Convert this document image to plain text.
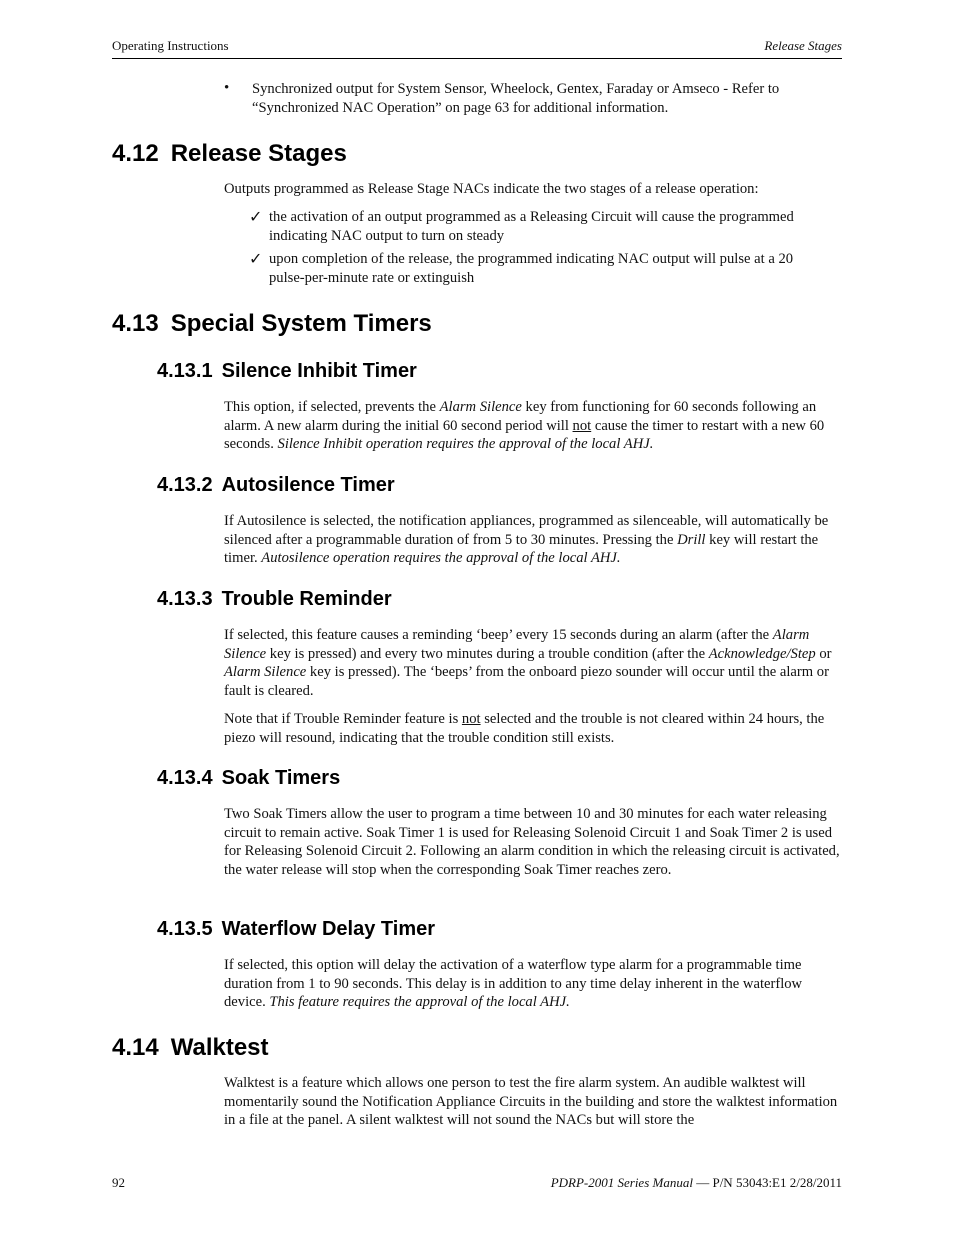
Operating Instructions	Release Stages
• Synchronized output for System Sensor, Wheelock, Gentex, Faraday or Amseco - Refer to
“Synchronized NAC Operation” on page 63 for additional information.
4.12 Release Stages
Outputs programmed as Release Stage NACs indicate the two stages of a release operation:
✓ the activation of an output programmed as a Releasing Circuit will cause the programmed
indicating NAC output to turn on steady
✓ upon completion of the release, the programmed indicating NAC output will pulse at a 20
pulse-per-minute rate or extinguish
4.13 Special System Timers
4.13.1 Silence Inhibit Timer
This option, if selected, prevents the Alarm Silence key from functioning for 60 seconds following an alarm. A new alarm during the initial 60 second period will not cause the timer to restart with a new 60 seconds. Silence Inhibit operation requires the approval of the local AHJ.
4.13.2 Autosilence Timer
If Autosilence is selected, the notification appliances, programmed as silenceable, will automatically be silenced after a programmable duration of from 5 to 30 minutes. Pressing the Drill key will restart the timer. Autosilence operation requires the approval of the local AHJ.
4.13.3 Trouble Reminder
If selected, this feature causes a reminding ‘beep’ every 15 seconds during an alarm (after the Alarm Silence key is pressed) and every two minutes during a trouble condition (after the Acknowledge/Step or Alarm Silence key is pressed). The ‘beeps’ from the onboard piezo sounder will occur until the alarm or fault is cleared.
Note that if Trouble Reminder feature is not selected and the trouble is not cleared within 24 hours, the piezo will resound, indicating that the trouble condition still exists.
4.13.4 Soak Timers
Two Soak Timers allow the user to program a time between 10 and 30 minutes for each water releasing circuit to remain active. Soak Timer 1 is used for Releasing Solenoid Circuit 1 and Soak Timer 2 is used for Releasing Solenoid Circuit 2. Following an alarm condition in which the releasing circuit is activated, the water release will stop when the corresponding Soak Timer reaches zero.
4.13.5 Waterflow Delay Timer
If selected, this option will delay the activation of a waterflow type alarm for a programmable time duration from 1 to 90 seconds. This delay is in addition to any time delay inherent in the waterflow device. This feature requires the approval of the local AHJ.
4.14 Walktest
Walktest is a feature which allows one person to test the fire alarm system. An audible walktest will momentarily sound the Notification Appliance Circuits in the building and store the walktest information in a file at the panel. A silent walktest will not sound the NACs but will store the
92	PDRP-2001 Series Manual — P/N 53043:E1 2/28/2011
